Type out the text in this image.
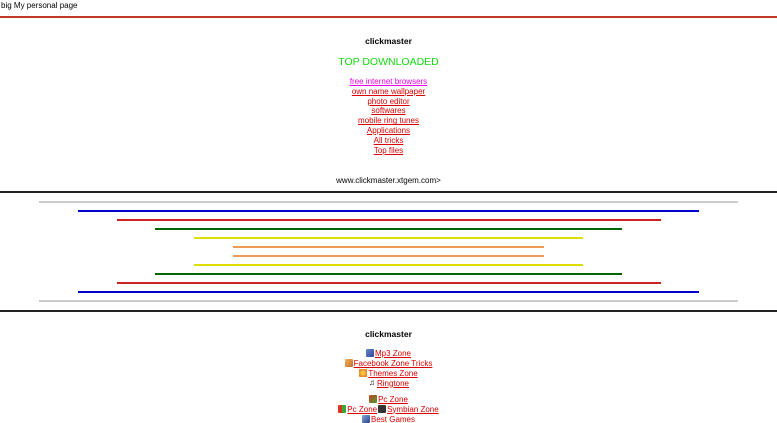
big My personal page
clickmaster
TOP DOWNLOADED
free internet browsers
own name wallpaper
photo editor
softwares
mobile ring tunes
Applications
All tricks
Top files
www.clickmaster.xtgem.com>
clickmaster
Mp3 Zone
Facebook Zone Tricks
Themes Zone
♫ Ringtone
Pc Zone
Pc Zone Symbian Zone
Best Games
